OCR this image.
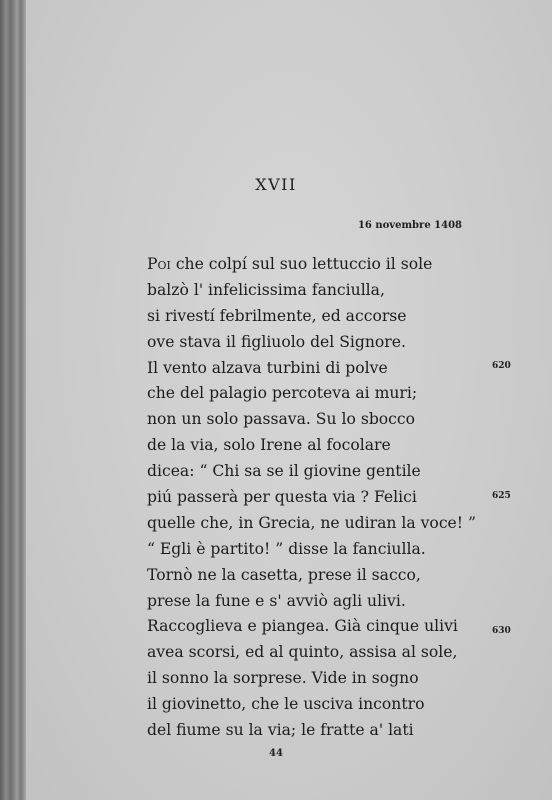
XVII
16 novembre 1408
Poi che colpí sul suo lettuccio il sole
balzò l' infelicissima fanciulla,
si rivestí febrilmente, ed accorse
ove stava il figliuolo del Signore.
Il vento alzava turbini di polve
che del palagio percoteva ai muri;
non un solo passava. Su lo sbocco
de la via, solo Irene al focolare
dicea: “ Chi sa se il giovine gentile
piú passerà per questa via ? Felici
quelle che, in Grecia, ne udiran la voce! ”
“ Egli è partito! ” disse la fanciulla.
Tornò ne la casetta, prese il sacco,
prese la fune e s' avviò agli ulivi.
Raccoglieva e piangea. Già cinque ulivi
avea scorsi, ed al quinto, assisa al sole,
il sonno la sorprese. Vide in sogno
il giovinetto, che le usciva incontro
del fiume su la via; le fratte a' lati
620
625
630
44
